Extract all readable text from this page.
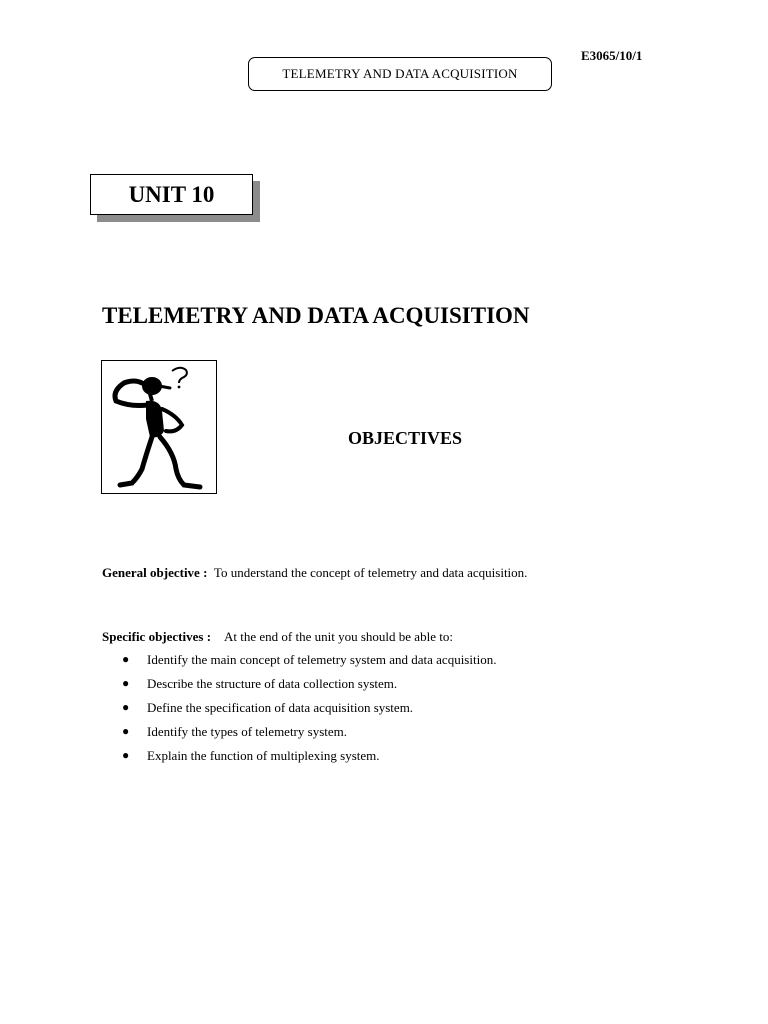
E3065/10/1
TELEMETRY AND DATA ACQUISITION
UNIT 10
TELEMETRY AND DATA ACQUISITION
OBJECTIVES
General objective : To understand the concept of telemetry and data acquisition.
Specific objectives : At the end of the unit you should be able to:
●	Identify the main concept of telemetry system and data acquisition.
●	Describe the structure of data collection system.
●	Define the specification of data acquisition system.
●	Identify the types of telemetry system.
●	Explain the function of multiplexing system.
